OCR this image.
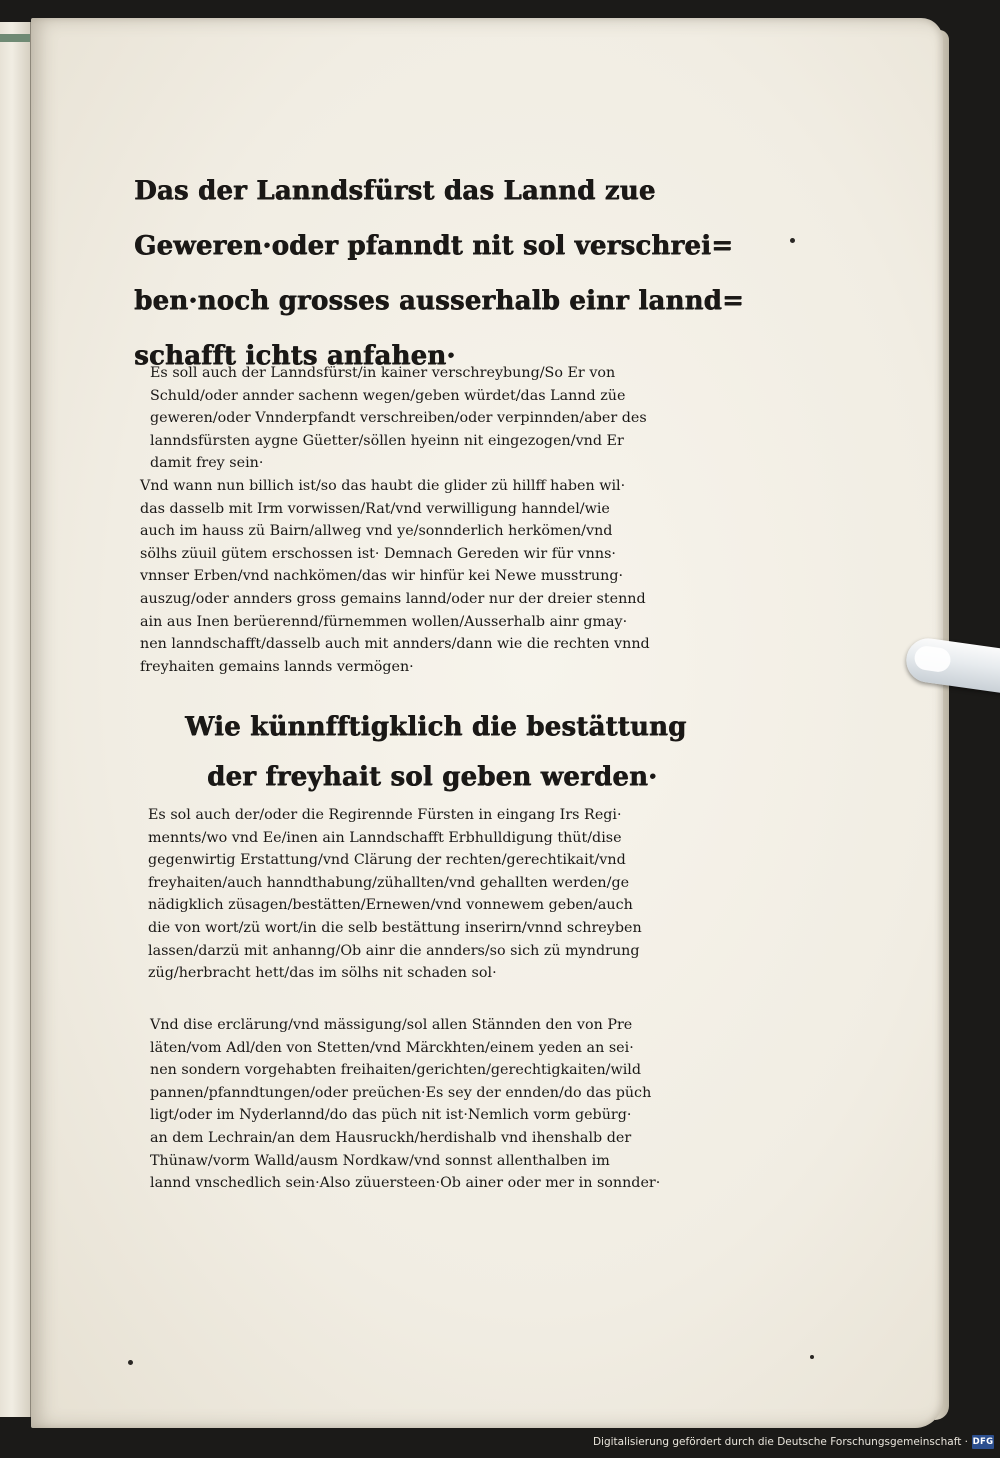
Das der Lanndsfürst das Lannd zue
Geweren·oder pfanndt nit sol verschrei=
ben·noch grosses ausserhalb einr lannd=
schafft ichts anfahen·
Es soll auch der Lanndsfürst/in kainer verschreybung/So Er von
Schuld/oder annder sachenn wegen/geben würdet/das Lannd züe
geweren/oder Vnnderpfandt verschreiben/oder verpinnden/aber des
lanndsfürsten aygne Güetter/söllen hyeinn nit eingezogen/vnd Er
damit frey sein·
Vnd wann nun billich ist/so das haubt die glider zü hillff haben wil·
das dasselb mit Irm vorwissen/Rat/vnd verwilligung hanndel/wie
auch im hauss zü Bairn/allweg vnd ye/sonnderlich herkömen/vnd
sölhs züuil gütem erschossen ist· Demnach Gereden wir für vnns·
vnnser Erben/vnd nachkömen/das wir hinfür kei Newe musstrung·
auszug/oder annders gross gemains lannd/oder nur der dreier stennd
ain aus Inen berüerennd/fürnemmen wollen/Ausserhalb ainr gmay·
nen lanndschafft/dasselb auch mit annders/dann wie die rechten vnnd
freyhaiten gemains lannds vermögen·
Wie künnfftigklich die bestättung
der freyhait sol geben werden·
Es sol auch der/oder die Regirennde Fürsten in eingang Irs Regi·
mennts/wo vnd Ee/inen ain Lanndschafft Erbhulldigung thüt/dise
gegenwirtig Erstattung/vnd Clärung der rechten/gerechtikait/vnd
freyhaiten/auch hanndthabung/zühallten/vnd gehallten werden/ge
nädigklich züsagen/bestätten/Ernewen/vnd vonnewem geben/auch
die von wort/zü wort/in die selb bestättung inserirn/vnnd schreyben
lassen/darzü mit anhanng/Ob ainr die annders/so sich zü myndrung
züg/herbracht hett/das im sölhs nit schaden sol·
Vnd dise erclärung/vnd mässigung/sol allen Stännden den von Pre
läten/vom Adl/den von Stetten/vnd Märckhten/einem yeden an sei·
nen sondern vorgehabten freihaiten/gerichten/gerechtigkaiten/wild
pannen/pfanndtungen/oder preüchen·Es sey der ennden/do das püch
ligt/oder im Nyderlannd/do das püch nit ist·Nemlich vorm gebürg·
an dem Lechrain/an dem Hausruckh/herdishalb vnd ihenshalb der
Thünaw/vorm Walld/ausm Nordkaw/vnd sonnst allenthalben im
lannd vnschedlich sein·Also züuersteen·Ob ainer oder mer in sonnder·
Digitalisierung gefördert durch die Deutsche Forschungsgemeinschaft · DFG
